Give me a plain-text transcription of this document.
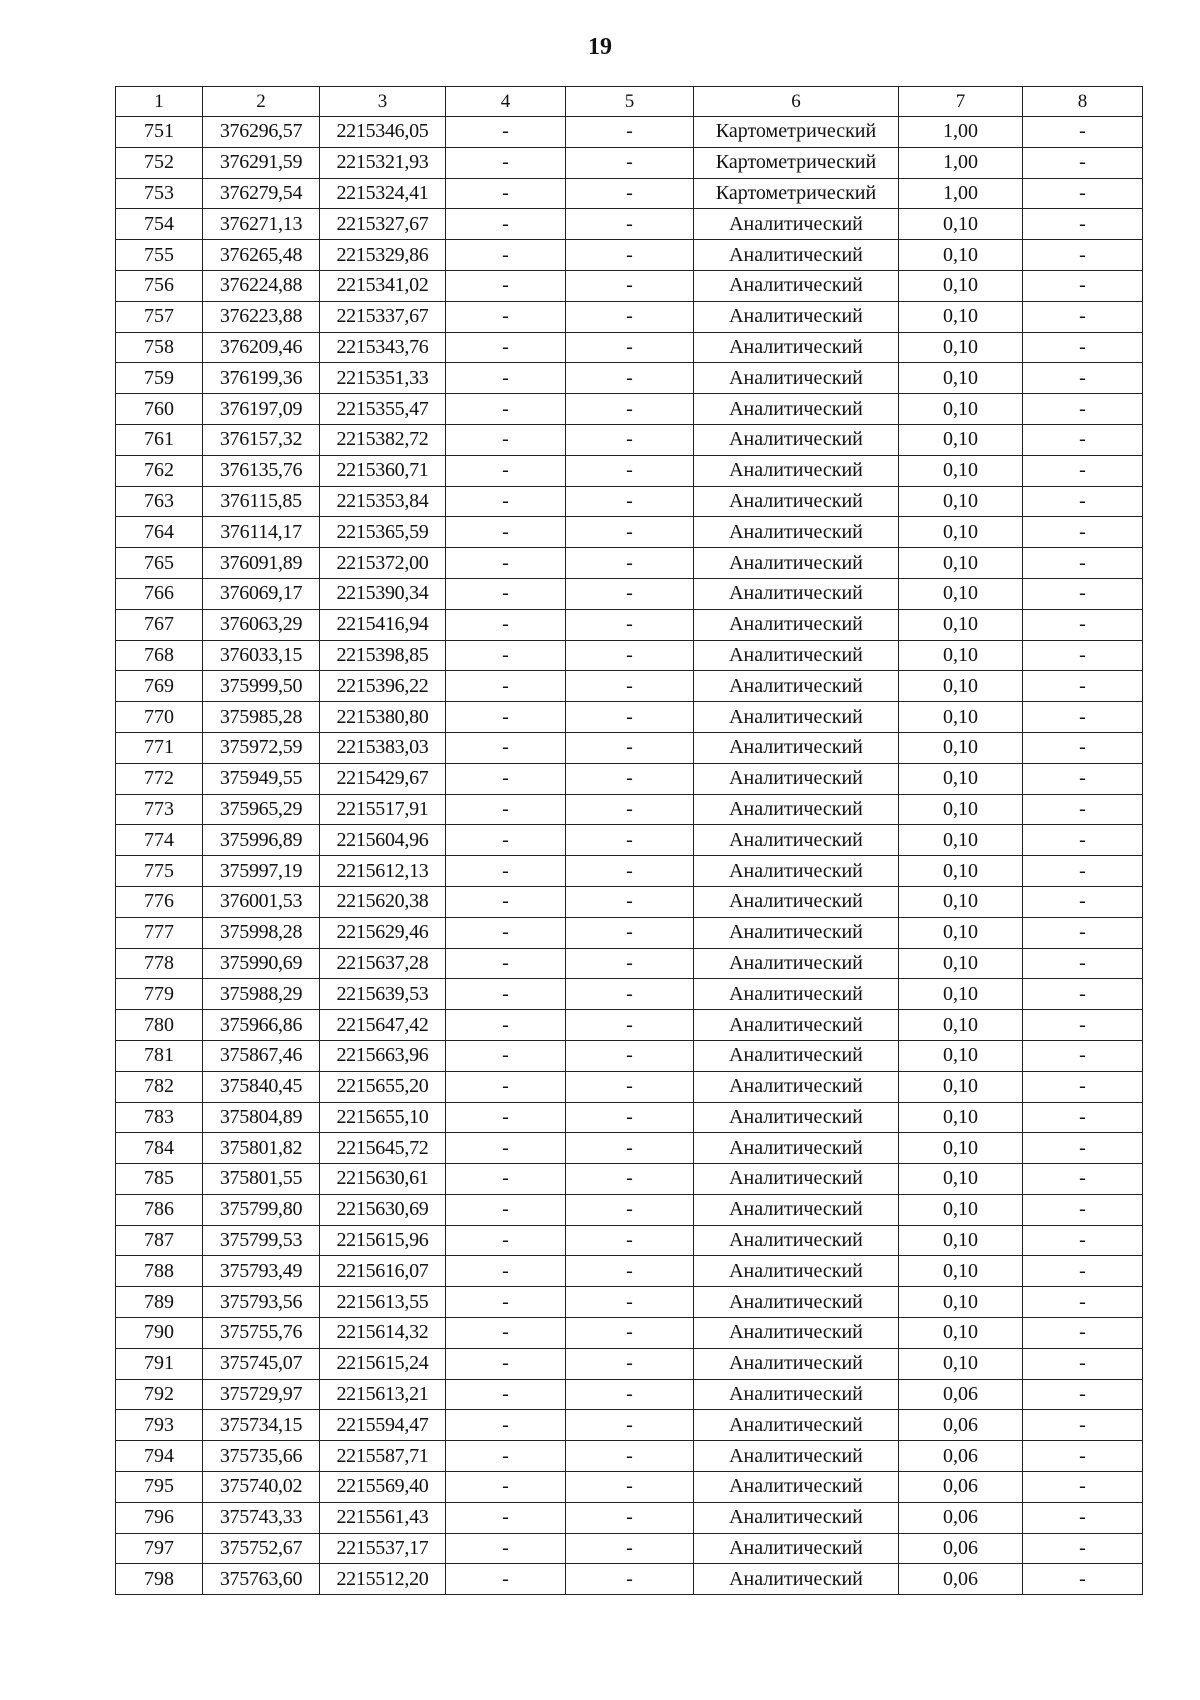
19
1	2	3	4	5	6	7	8
751	376296,57	2215346,05	-	-	Картометрический	1,00	-
752	376291,59	2215321,93	-	-	Картометрический	1,00	-
753	376279,54	2215324,41	-	-	Картометрический	1,00	-
754	376271,13	2215327,67	-	-	Аналитический	0,10	-
755	376265,48	2215329,86	-	-	Аналитический	0,10	-
756	376224,88	2215341,02	-	-	Аналитический	0,10	-
757	376223,88	2215337,67	-	-	Аналитический	0,10	-
758	376209,46	2215343,76	-	-	Аналитический	0,10	-
759	376199,36	2215351,33	-	-	Аналитический	0,10	-
760	376197,09	2215355,47	-	-	Аналитический	0,10	-
761	376157,32	2215382,72	-	-	Аналитический	0,10	-
762	376135,76	2215360,71	-	-	Аналитический	0,10	-
763	376115,85	2215353,84	-	-	Аналитический	0,10	-
764	376114,17	2215365,59	-	-	Аналитический	0,10	-
765	376091,89	2215372,00	-	-	Аналитический	0,10	-
766	376069,17	2215390,34	-	-	Аналитический	0,10	-
767	376063,29	2215416,94	-	-	Аналитический	0,10	-
768	376033,15	2215398,85	-	-	Аналитический	0,10	-
769	375999,50	2215396,22	-	-	Аналитический	0,10	-
770	375985,28	2215380,80	-	-	Аналитический	0,10	-
771	375972,59	2215383,03	-	-	Аналитический	0,10	-
772	375949,55	2215429,67	-	-	Аналитический	0,10	-
773	375965,29	2215517,91	-	-	Аналитический	0,10	-
774	375996,89	2215604,96	-	-	Аналитический	0,10	-
775	375997,19	2215612,13	-	-	Аналитический	0,10	-
776	376001,53	2215620,38	-	-	Аналитический	0,10	-
777	375998,28	2215629,46	-	-	Аналитический	0,10	-
778	375990,69	2215637,28	-	-	Аналитический	0,10	-
779	375988,29	2215639,53	-	-	Аналитический	0,10	-
780	375966,86	2215647,42	-	-	Аналитический	0,10	-
781	375867,46	2215663,96	-	-	Аналитический	0,10	-
782	375840,45	2215655,20	-	-	Аналитический	0,10	-
783	375804,89	2215655,10	-	-	Аналитический	0,10	-
784	375801,82	2215645,72	-	-	Аналитический	0,10	-
785	375801,55	2215630,61	-	-	Аналитический	0,10	-
786	375799,80	2215630,69	-	-	Аналитический	0,10	-
787	375799,53	2215615,96	-	-	Аналитический	0,10	-
788	375793,49	2215616,07	-	-	Аналитический	0,10	-
789	375793,56	2215613,55	-	-	Аналитический	0,10	-
790	375755,76	2215614,32	-	-	Аналитический	0,10	-
791	375745,07	2215615,24	-	-	Аналитический	0,10	-
792	375729,97	2215613,21	-	-	Аналитический	0,06	-
793	375734,15	2215594,47	-	-	Аналитический	0,06	-
794	375735,66	2215587,71	-	-	Аналитический	0,06	-
795	375740,02	2215569,40	-	-	Аналитический	0,06	-
796	375743,33	2215561,43	-	-	Аналитический	0,06	-
797	375752,67	2215537,17	-	-	Аналитический	0,06	-
798	375763,60	2215512,20	-	-	Аналитический	0,06	-
